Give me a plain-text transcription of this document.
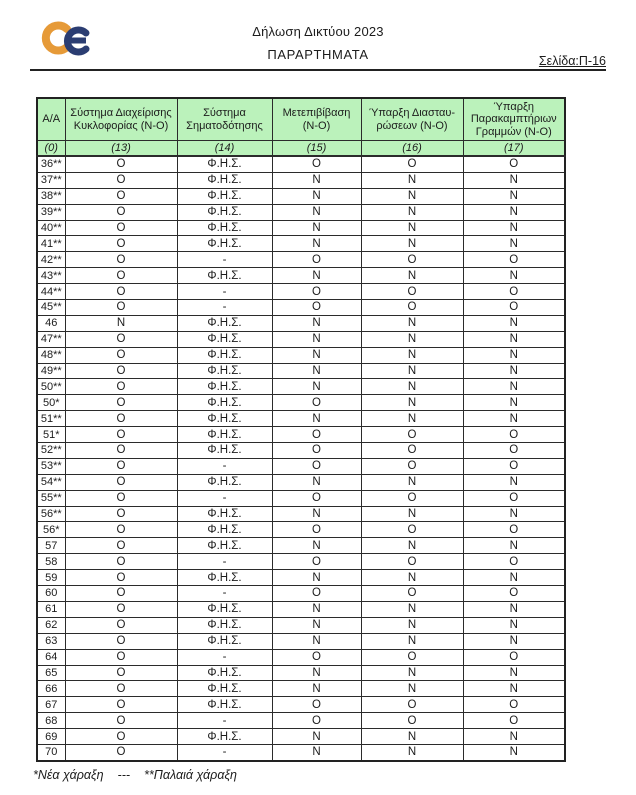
Δήλωση Δικτύου 2023
ΠΑΡΑΡΤΗΜΑΤΑ	Σελίδα:Π-16
Α/Α	Σύστημα Διαχείρισης Κυκλοφορίας (Ν-Ο)	Σύστημα Σηματοδότησης	Μετεπιβίβαση (Ν-Ο)	Ύπαρξη Διασταυ-ρώσεων (Ν-Ο)	Ύπαρξη Παρακαμπτήριων Γραμμών (Ν-Ο)
(0)	(13)	(14)	(15)	(16)	(17)
36**	Ο	Φ.Η.Σ.	Ο	Ο	Ο
37**	Ο	Φ.Η.Σ.	Ν	Ν	Ν
38**	Ο	Φ.Η.Σ.	Ν	Ν	Ν
39**	Ο	Φ.Η.Σ.	Ν	Ν	Ν
40**	Ο	Φ.Η.Σ.	Ν	Ν	Ν
41**	Ο	Φ.Η.Σ.	Ν	Ν	Ν
42**	Ο	-	Ο	Ο	Ο
43**	Ο	Φ.Η.Σ.	Ν	Ν	Ν
44**	Ο	-	Ο	Ο	Ο
45**	Ο	-	Ο	Ο	Ο
46	Ν	Φ.Η.Σ.	Ν	Ν	Ν
47**	Ο	Φ.Η.Σ.	Ν	Ν	Ν
48**	Ο	Φ.Η.Σ.	Ν	Ν	Ν
49**	Ο	Φ.Η.Σ.	Ν	Ν	Ν
50**	Ο	Φ.Η.Σ.	Ν	Ν	Ν
50*	Ο	Φ.Η.Σ.	Ο	Ν	Ν
51**	Ο	Φ.Η.Σ.	Ν	Ν	Ν
51*	Ο	Φ.Η.Σ.	Ο	Ο	Ο
52**	Ο	Φ.Η.Σ.	Ο	Ο	Ο
53**	Ο	-	Ο	Ο	Ο
54**	Ο	Φ.Η.Σ.	Ν	Ν	Ν
55**	Ο	-	Ο	Ο	Ο
56**	Ο	Φ.Η.Σ.	Ν	Ν	Ν
56*	Ο	Φ.Η.Σ.	Ο	Ο	Ο
57	Ο	Φ.Η.Σ.	Ν	Ν	Ν
58	Ο	-	Ο	Ο	Ο
59	Ο	Φ.Η.Σ.	Ν	Ν	Ν
60	Ο	-	Ο	Ο	Ο
61	Ο	Φ.Η.Σ.	Ν	Ν	Ν
62	Ο	Φ.Η.Σ.	Ν	Ν	Ν
63	Ο	Φ.Η.Σ.	Ν	Ν	Ν
64	Ο	-	Ο	Ο	Ο
65	Ο	Φ.Η.Σ.	Ν	Ν	Ν
66	Ο	Φ.Η.Σ.	Ν	Ν	Ν
67	Ο	Φ.Η.Σ.	Ο	Ο	Ο
68	Ο	-	Ο	Ο	Ο
69	Ο	Φ.Η.Σ.	Ν	Ν	Ν
70	Ο	-	Ν	Ν	Ν
*Νέα χάραξη --- **Παλαιά χάραξη
